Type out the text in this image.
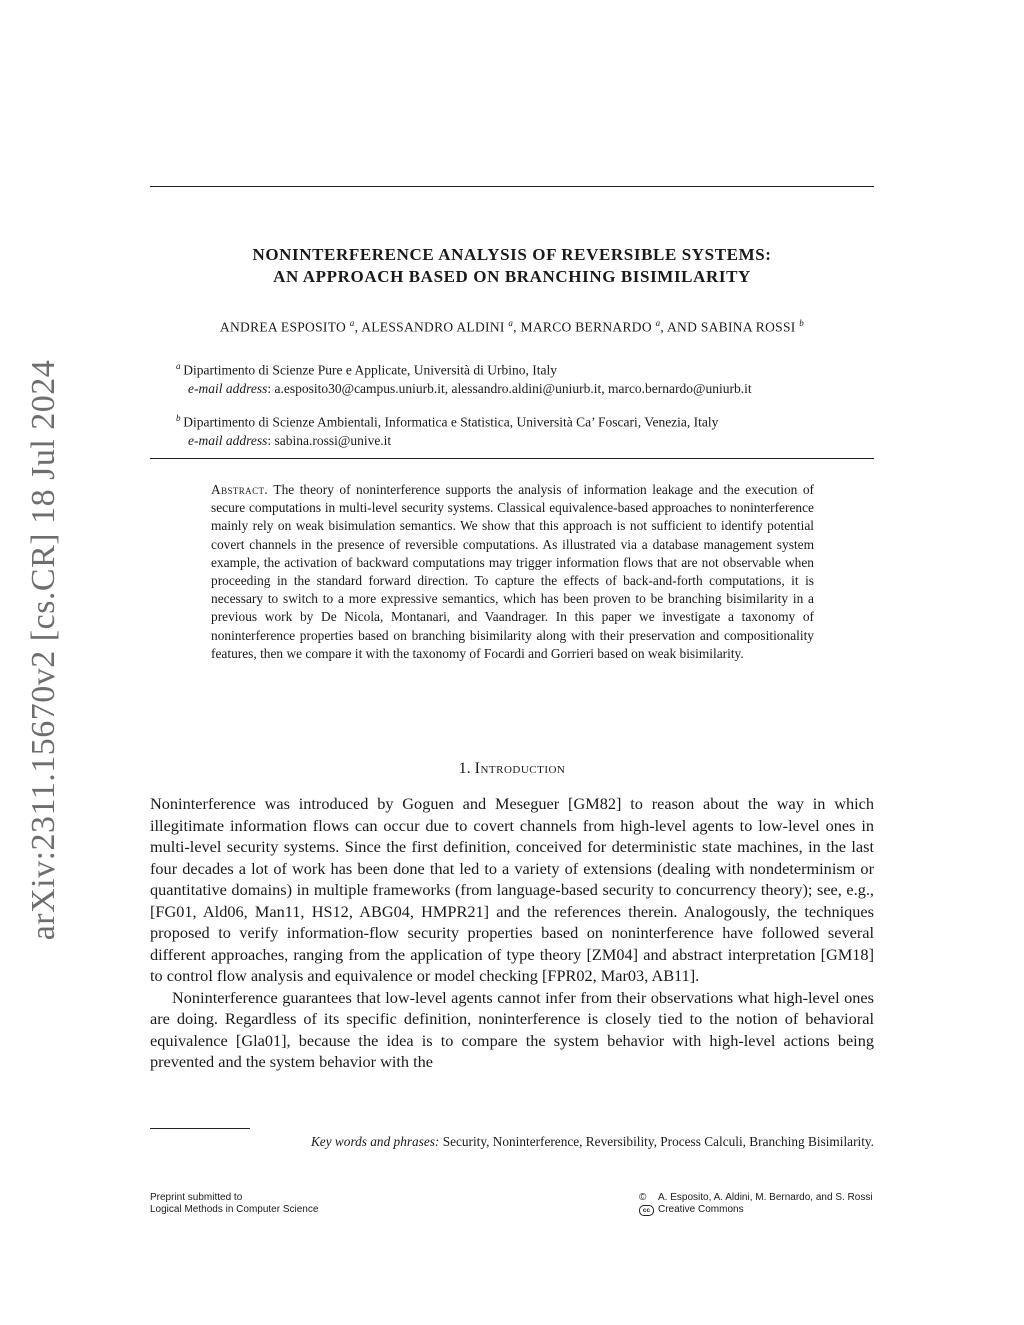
arXiv:2311.15670v2 [cs.CR] 18 Jul 2024
NONINTERFERENCE ANALYSIS OF REVERSIBLE SYSTEMS:
AN APPROACH BASED ON BRANCHING BISIMILARITY
ANDREA ESPOSITO $^a$, ALESSANDRO ALDINI $^a$, MARCO BERNARDO $^a$, AND SABINA ROSSI $^b$
$^a$  Dipartimento di Scienze Pure e Applicate, Università di Urbino, Italy
e-mail address: a.esposito30@campus.uniurb.it, alessandro.aldini@uniurb.it, marco.bernardo@uniurb.it
$^b$  Dipartimento di Scienze Ambientali, Informatica e Statistica, Università Ca’ Foscari, Venezia, Italy
e-mail address: sabina.rossi@unive.it
Abstract. The theory of noninterference supports the analysis of information leakage and the execution of secure computations in multi-level security systems. Classical equivalence-based approaches to noninterference mainly rely on weak bisimulation semantics. We show that this approach is not sufficient to identify potential covert channels in the presence of reversible computations. As illustrated via a database management system example, the activation of backward computations may trigger information flows that are not observable when proceeding in the standard forward direction. To capture the effects of back-and-forth computations, it is necessary to switch to a more expressive semantics, which has been proven to be branching bisimilarity in a previous work by De Nicola, Montanari, and Vaandrager. In this paper we investigate a taxonomy of noninterference properties based on branching bisimilarity along with their preservation and compositionality features, then we compare it with the taxonomy of Focardi and Gorrieri based on weak bisimilarity.
1. Introduction

Noninterference was introduced by Goguen and Meseguer [GM82] to reason about the way in which illegitimate information flows can occur due to covert channels from high-level agents to low-level ones in multi-level security systems. Since the first definition, conceived for deterministic state machines, in the last four decades a lot of work has been done that led to a variety of extensions (dealing with nondeterminism or quantitative domains) in multiple frameworks (from language-based security to concurrency theory); see, e.g., [FG01, Ald06, Man11, HS12, ABG04, HMPR21] and the references therein. Analogously, the techniques proposed to verify information-flow security properties based on noninterference have followed several different approaches, ranging from the application of type theory [ZM04] and abstract interpretation [GM18] to control flow analysis and equivalence or model checking [FPR02, Mar03, AB11].

Noninterference guarantees that low-level agents cannot infer from their observations what high-level ones are doing. Regardless of its specific definition, noninterference is closely tied to the notion of behavioral equivalence [Gla01], because the idea is to compare the system behavior with high-level actions being prevented and the system behavior with the

Key words and phrases: Security, Noninterference, Reversibility, Process Calculi, Branching Bisimilarity.
Preprint submitted to
Logical Methods in Computer Science
©	A. Esposito, A. Aldini, M. Bernardo, and S. Rossi
cc Creative Commons
